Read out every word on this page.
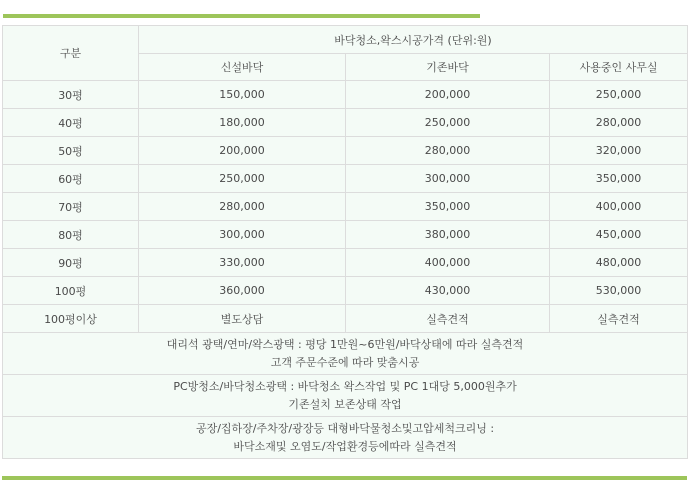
구분	바닥청소,왁스시공가격 (단위:원)		
	신설바닥	기존바닥	사용중인 사무실
30평	150,000	200,000	250,000
40평	180,000	250,000	280,000
50평	200,000	280,000	320,000
60평	250,000	300,000	350,000
70평	280,000	350,000	400,000
80평	300,000	380,000	450,000
90평	330,000	400,000	480,000
100평	360,000	430,000	530,000
100평이상	별도상담	실측견적	실측견적
대리석 광택/연마/왁스광택 : 평당 1만원~6만원/바닥상태에 따라 실측견적
고객 주문수준에 따라 맞춤시공			
PC방청소/바닥청소광택 : 바닥청소 왁스작업 및 PC 1대당 5,000원추가
기존설치 보존상태 작업			
공장/집하장/주차장/광장등 대형바닥물청소및고압세척크리닝 :
바닥소재및 오염도/작업환경등에따라 실측견적			
